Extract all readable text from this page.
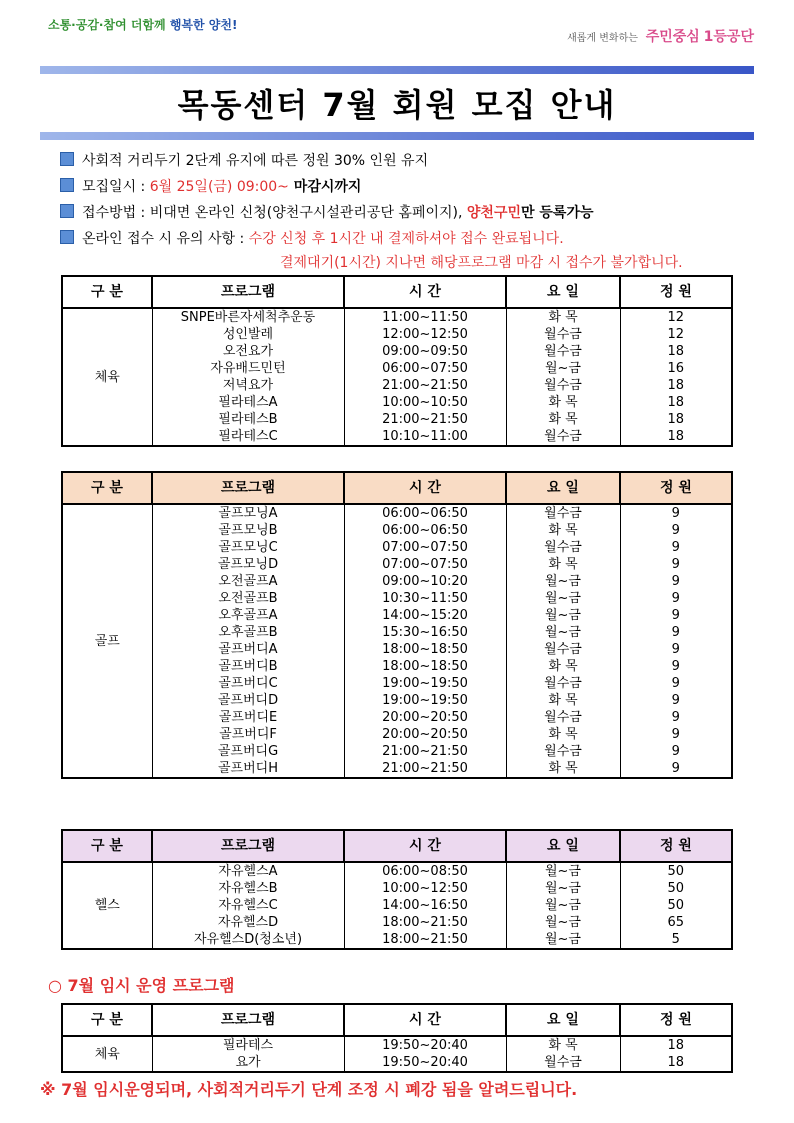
소통·공감·참여 더함께 행복한 양천!
새롭게 변화하는 주민중심 1등공단
목동센터 7월 회원 모집 안내
사회적 거리두기 2단계 유지에 따른 정원 30% 인원 유지
모집일시 : 6월 25일(금) 09:00~ 마감시까지
접수방법 : 비대면 온라인 신청(양천구시설관리공단 홈페이지), 양천구민만 등록가능
온라인 접수 시 유의 사항 : 수강 신청 후 1시간 내 결제하셔야 접수 완료됩니다.
결제대기(1시간) 지나면 해당프로그램 마감 시 접수가 불가합니다.
구 분	프로그램	시 간	요 일	정 원
체육	SNPE바른자세척추운동	11:00~11:50	화 목	12
	성인발레	12:00~12:50	월수금	12
	오전요가	09:00~09:50	월수금	18
	자유배드민턴	06:00~07:50	월~금	16
	저녁요가	21:00~21:50	월수금	18
	필라테스A	10:00~10:50	화 목	18
	필라테스B	21:00~21:50	화 목	18
	필라테스C	10:10~11:00	월수금	18
구 분	프로그램	시 간	요 일	정 원
골프	골프모닝A	06:00~06:50	월수금	9
	골프모닝B	06:00~06:50	화 목	9
	골프모닝C	07:00~07:50	월수금	9
	골프모닝D	07:00~07:50	화 목	9
	오전골프A	09:00~10:20	월~금	9
	오전골프B	10:30~11:50	월~금	9
	오후골프A	14:00~15:20	월~금	9
	오후골프B	15:30~16:50	월~금	9
	골프버디A	18:00~18:50	월수금	9
	골프버디B	18:00~18:50	화 목	9
	골프버디C	19:00~19:50	월수금	9
	골프버디D	19:00~19:50	화 목	9
	골프버디E	20:00~20:50	월수금	9
	골프버디F	20:00~20:50	화 목	9
	골프버디G	21:00~21:50	월수금	9
	골프버디H	21:00~21:50	화 목	9
구 분	프로그램	시 간	요 일	정 원
헬스	자유헬스A	06:00~08:50	월~금	50
	자유헬스B	10:00~12:50	월~금	50
	자유헬스C	14:00~16:50	월~금	50
	자유헬스D	18:00~21:50	월~금	65
	자유헬스D(청소년)	18:00~21:50	월~금	5
○ 7월 임시 운영 프로그램
구 분	프로그램	시 간	요 일	정 원
체육	필라테스	19:50~20:40	화 목	18
	요가	19:50~20:40	월수금	18
※ 7월 임시운영되며, 사회적거리두기 단계 조정 시 폐강 됨을 알려드립니다.
